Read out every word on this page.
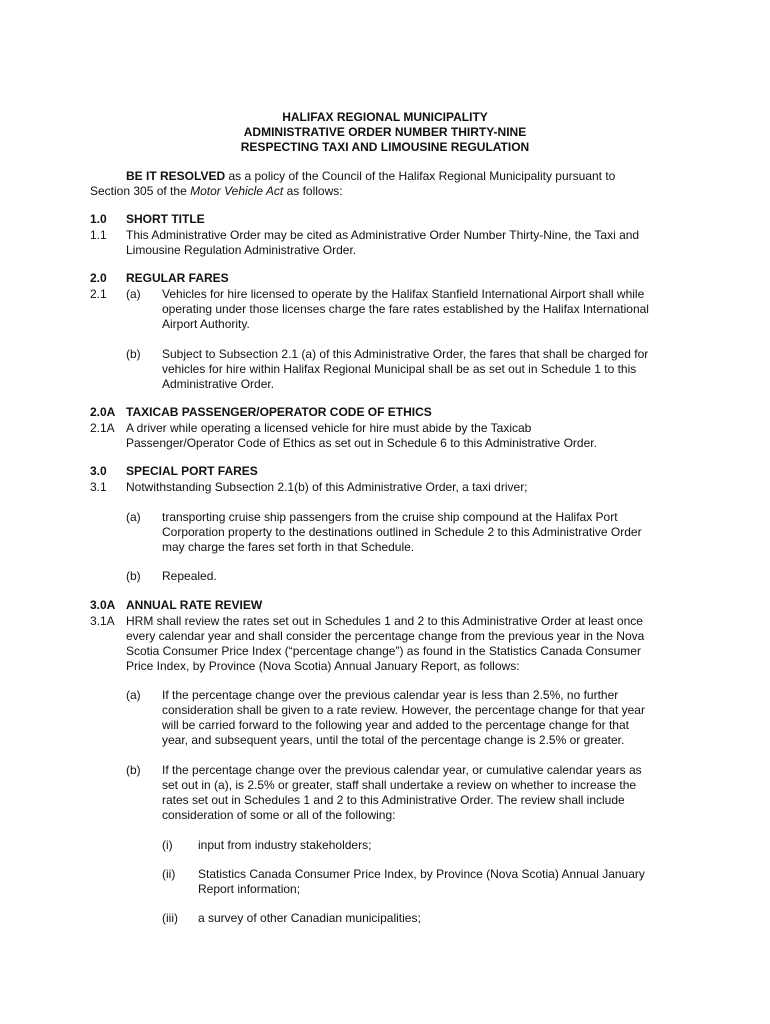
HALIFAX REGIONAL MUNICIPALITY
ADMINISTRATIVE ORDER NUMBER THIRTY-NINE
RESPECTING TAXI AND LIMOUSINE REGULATION
BE IT RESOLVED as a policy of the Council of the Halifax Regional Municipality pursuant to
Section 305 of the Motor Vehicle Act as follows:
1.0 SHORT TITLE
1.1 This Administrative Order may be cited as Administrative Order Number Thirty-Nine, the Taxi and
Limousine Regulation Administrative Order.
2.0 REGULAR FARES
2.1 (a) Vehicles for hire licensed to operate by the Halifax Stanfield International Airport shall while
operating under those licenses charge the fare rates established by the Halifax International
Airport Authority.
(b) Subject to Subsection 2.1 (a) of this Administrative Order, the fares that shall be charged for
vehicles for hire within Halifax Regional Municipal shall be as set out in Schedule 1 to this
Administrative Order.
2.0A TAXICAB PASSENGER/OPERATOR CODE OF ETHICS
2.1A A driver while operating a licensed vehicle for hire must abide by the Taxicab
Passenger/Operator Code of Ethics as set out in Schedule 6 to this Administrative Order.
3.0 SPECIAL PORT FARES
3.1 Notwithstanding Subsection 2.1(b) of this Administrative Order, a taxi driver;
(a) transporting cruise ship passengers from the cruise ship compound at the Halifax Port
Corporation property to the destinations outlined in Schedule 2 to this Administrative Order
may charge the fares set forth in that Schedule.
(b) Repealed.
3.0A ANNUAL RATE REVIEW
3.1A HRM shall review the rates set out in Schedules 1 and 2 to this Administrative Order at least once
every calendar year and shall consider the percentage change from the previous year in the Nova
Scotia Consumer Price Index (“percentage change”) as found in the Statistics Canada Consumer
Price Index, by Province (Nova Scotia) Annual January Report, as follows:
(a) If the percentage change over the previous calendar year is less than 2.5%, no further
consideration shall be given to a rate review. However, the percentage change for that year
will be carried forward to the following year and added to the percentage change for that
year, and subsequent years, until the total of the percentage change is 2.5% or greater.
(b) If the percentage change over the previous calendar year, or cumulative calendar years as
set out in (a), is 2.5% or greater, staff shall undertake a review on whether to increase the
rates set out in Schedules 1 and 2 to this Administrative Order. The review shall include
consideration of some or all of the following:
(i) input from industry stakeholders;
(ii) Statistics Canada Consumer Price Index, by Province (Nova Scotia) Annual January
Report information;
(iii) a survey of other Canadian municipalities;
